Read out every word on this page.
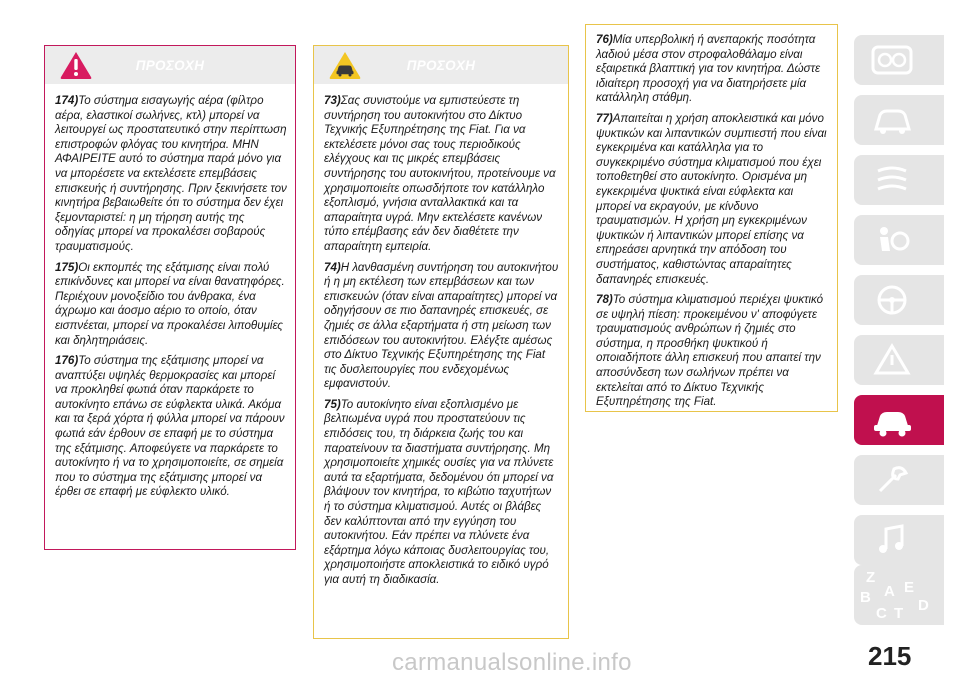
ΠΡΟΣΟΧΗ

174)Το σύστημα εισαγωγής αέρα (φίλτρο αέρα, ελαστικοί σωλήνες, κτλ) μπορεί να λειτουργεί ως προστατευτικό στην περίπτωση επιστροφών φλόγας του κινητήρα. ΜΗΝ ΑΦΑΙΡΕΙΤΕ αυτό το σύστημα παρά μόνο για να μπορέσετε να εκτελέσετε επεμβάσεις επισκευής ή συντήρησης. Πριν ξεκινήσετε τον κινητήρα βεβαιωθείτε ότι το σύστημα δεν έχει ξεμονταριστεί: η μη τήρηση αυτής της οδηγίας μπορεί να προκαλέσει σοβαρούς τραυματισμούς.

175)Οι εκπομπές της εξάτμισης είναι πολύ επικίνδυνες και μπορεί να είναι θανατηφόρες. Περιέχουν μονοξείδιο του άνθρακα, ένα άχρωμο και άοσμο αέριο το οποίο, όταν εισπνέεται, μπορεί να προκαλέσει λιποθυμίες και δηλητηριάσεις.

176)Το σύστημα της εξάτμισης μπορεί να αναπτύξει υψηλές θερμοκρασίες και μπορεί να προκληθεί φωτιά όταν παρκάρετε το αυτοκίνητο επάνω σε εύφλεκτα υλικά. Ακόμα και τα ξερά χόρτα ή φύλλα μπορεί να πάρουν φωτιά εάν έρθουν σε επαφή με το σύστημα της εξάτμισης. Αποφεύγετε να παρκάρετε το αυτοκίνητο ή να το χρησιμοποιείτε, σε σημεία που το σύστημα της εξάτμισης μπορεί να έρθει σε επαφή με εύφλεκτο υλικό.

ΠΡΟΣΟΧΗ

73)Σας συνιστούμε να εμπιστεύεστε τη συντήρηση του αυτοκινήτου στο Δίκτυο Τεχνικής Εξυπηρέτησης της Fiat. Για να εκτελέσετε μόνοι σας τους περιοδικούς ελέγχους και τις μικρές επεμβάσεις συντήρησης του αυτοκινήτου, προτείνουμε να χρησιμοποιείτε οπωσδήποτε τον κατάλληλο εξοπλισμό, γνήσια ανταλλακτικά και τα απαραίτητα υγρά. Μην εκτελέσετε κανένων τύπο επέμβασης εάν δεν διαθέτετε την απαραίτητη εμπειρία.

74)Η λανθασμένη συντήρηση του αυτοκινήτου ή η μη εκτέλεση των επεμβάσεων και των επισκευών (όταν είναι απαραίτητες) μπορεί να οδηγήσουν σε πιο δαπανηρές επισκευές, σε ζημιές σε άλλα εξαρτήματα ή στη μείωση των επιδόσεων του αυτοκινήτου. Ελέγξτε αμέσως στο Δίκτυο Τεχνικής Εξυπηρέτησης της Fiat τις δυσλειτουργίες που ενδεχομένως εμφανιστούν.

75)Το αυτοκίνητο είναι εξοπλισμένο με βελτιωμένα υγρά που προστατεύουν τις επιδόσεις του, τη διάρκεια ζωής του και παρατείνουν τα διαστήματα συντήρησης. Μη χρησιμοποιείτε χημικές ουσίες για να πλύνετε αυτά τα εξαρτήματα, δεδομένου ότι μπορεί να βλάψουν τον κινητήρα, το κιβώτιο ταχυτήτων ή το σύστημα κλιματισμού. Αυτές οι βλάβες δεν καλύπτονται από την εγγύηση του αυτοκινήτου. Εάν πρέπει να πλύνετε ένα εξάρτημα λόγω κάποιας δυσλειτουργίας του, χρησιμοποιήστε αποκλειστικά το ειδικό υγρό για αυτή τη διαδικασία.

76)Μία υπερβολική ή ανεπαρκής ποσότητα λαδιού μέσα στον στροφαλοθάλαμο είναι εξαιρετικά βλαπτική για τον κινητήρα. Δώστε ιδιαίτερη προσοχή για να διατηρήσετε μία κατάλληλη στάθμη.

77)Απαιτείται η χρήση αποκλειστικά και μόνο ψυκτικών και λιπαντικών συμπιεστή που είναι εγκεκριμένα και κατάλληλα για το συγκεκριμένο σύστημα κλιματισμού που έχει τοποθετηθεί στο αυτοκίνητο. Ορισμένα μη εγκεκριμένα ψυκτικά είναι εύφλεκτα και μπορεί να εκραγούν, με κίνδυνο τραυματισμών. Η χρήση μη εγκεκριμένων ψυκτικών ή λιπαντικών μπορεί επίσης να επηρεάσει αρνητικά την απόδοση του συστήματος, καθιστώντας απαραίτητες δαπανηρές επισκευές.

78)Το σύστημα κλιματισμού περιέχει ψυκτικό σε υψηλή πίεση: προκειμένου ν' αποφύγετε τραυματισμούς ανθρώπων ή ζημιές στο σύστημα, η προσθήκη ψυκτικού ή οποιαδήποτε άλλη επισκευή που απαιτεί την αποσύνδεση των σωλήνων πρέπει να εκτελείται από το Δίκτυο Τεχνικής Εξυπηρέτησης της Fiat.

Z
B A
C T
E
D
215
carmanualsonline.info
